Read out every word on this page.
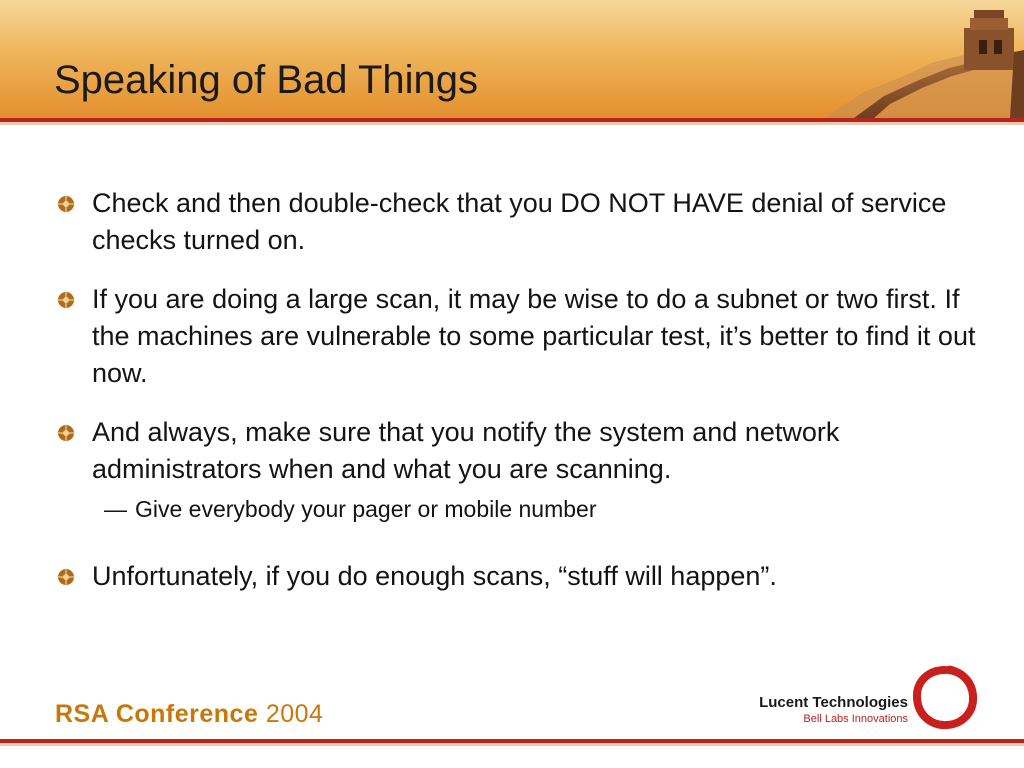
Speaking of Bad Things
Check and then double-check that you DO NOT HAVE denial of service checks turned on.
If you are doing a large scan, it may be wise to do a subnet or two first. If the machines are vulnerable to some particular test, it’s better to find it out now.
And always, make sure that you notify the system and network administrators when and what you are scanning.
— Give everybody your pager or mobile number
Unfortunately, if you do enough scans, “stuff will happen”.
RSA Conference 2004	Lucent Technologies
Bell Labs Innovations
